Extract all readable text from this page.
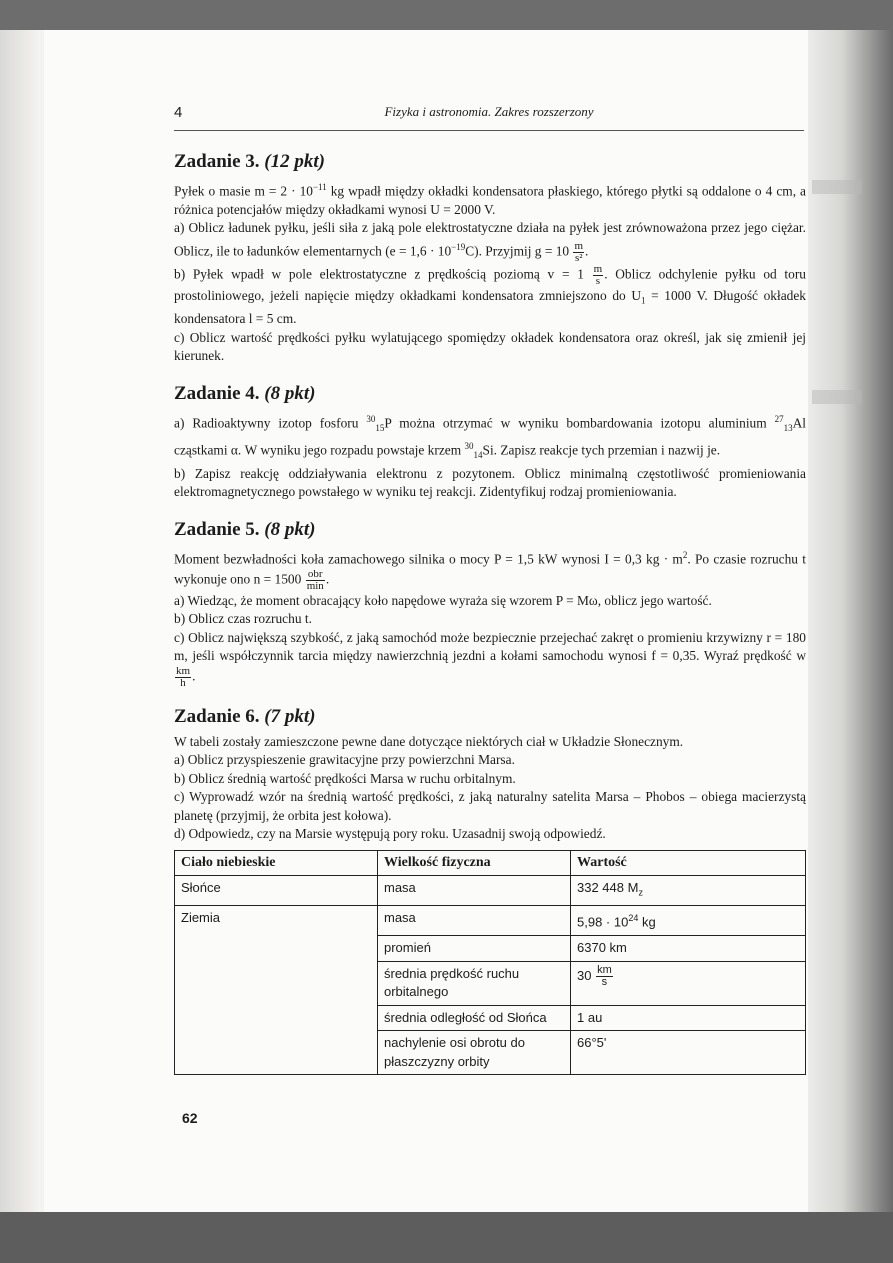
4	Fizyka i astronomia. Zakres rozszerzony
Zadanie 3. (12 pkt)

Pyłek o masie $m = 2 \cdot 10^{-11}$ kg wpadł między okładki kondensatora płaskiego, którego płytki są oddalone o 4 cm, a różnica potencjałów między okładkami wynosi U = 2000 V.

a) Oblicz ładunek pyłku, jeśli siła z jaką pole elektrostatyczne działa na pyłek jest zrównoważona przez jego ciężar. Oblicz, ile to ładunków elementarnych $(e = 1,6 \cdot 10^{-19}C)$. Przyjmij $g = 10 \frac{m}{\text{s²}}$ .

b) Pyłek wpadł w pole elektrostatyczne z prędkością poziomą $v = 1 \frac{m}{s}$ . Oblicz odchylenie pyłku od toru prostoliniowego, jeżeli napięcie między okładkami kondensatora zmniejszono do $U_1 = 1000$ V. Długość okładek kondensatora l = 5 cm.

c) Oblicz wartość prędkości pyłku wylatującego spomiędzy okładek kondensatora oraz określ, jak się zmienił jej kierunek.

Zadanie 4. (8 pkt)

a) Radioaktywny izotop fosforu $^{30}_{15}$P można otrzymać w wyniku bombardowania izotopu aluminium $^{27}_{13}$Al cząstkami α. W wyniku jego rozpadu powstaje krzem $^{30}_{14}$Si. Zapisz reakcje tych przemian i nazwij je.

b) Zapisz reakcję oddziaływania elektronu z pozytonem. Oblicz minimalną częstotliwość promieniowania elektromagnetycznego powstałego w wyniku tej reakcji. Zidentyfikuj rodzaj promieniowania.

Zadanie 5. (8 pkt)

Moment bezwładności koła zamachowego silnika o mocy P = 1,5 kW wynosi I = 0,3 kg · $m^2$. Po czasie rozruchu t wykonuje ono $n = 1500 \frac{\text{obr}}{\min}$ .

a) Wiedząc, że moment obracający koło napędowe wyraża się wzorem P = Mω, oblicz jego wartość.

b) Oblicz czas rozruchu t.

c) Oblicz największą szybkość, z jaką samochód może bezpiecznie przejechać zakręt o promieniu krzywizny r = 180 m, jeśli współczynnik tarcia między nawierzchnią jezdni a kołami samochodu wynosi f = 0,35. Wyraź prędkość w
$\frac{km}{h}$ .

Zadanie 6. (7 pkt)

W tabeli zostały zamieszczone pewne dane dotyczące niektórych ciał w Układzie Słonecznym.

a) Oblicz przyspieszenie grawitacyjne przy powierzchni Marsa.

b) Oblicz średnią wartość prędkości Marsa w ruchu orbitalnym.

c) Wyprowadź wzór na średnią wartość prędkości, z jaką naturalny satelita Marsa – Phobos – obiega macierzystą planetę (przyjmij, że orbita jest kołowa).

d) Odpowiedz, czy na Marsie występują pory roku. Uzasadnij swoją odpowiedź.

Ciało niebieskie	Wielkość fizyczna	Wartość
Słońce	masa	332 448 $M_z$
Ziemia	masa	$5,98 \cdot 10^{24}$ kg
	promień	6370 km
	średnia prędkość ruchu orbitalnego	$30 \frac{km}{s}$

	średnia odległość od Słońca	1 au
	nachylenie osi obrotu do płaszczyzny orbity	66°5'
62
